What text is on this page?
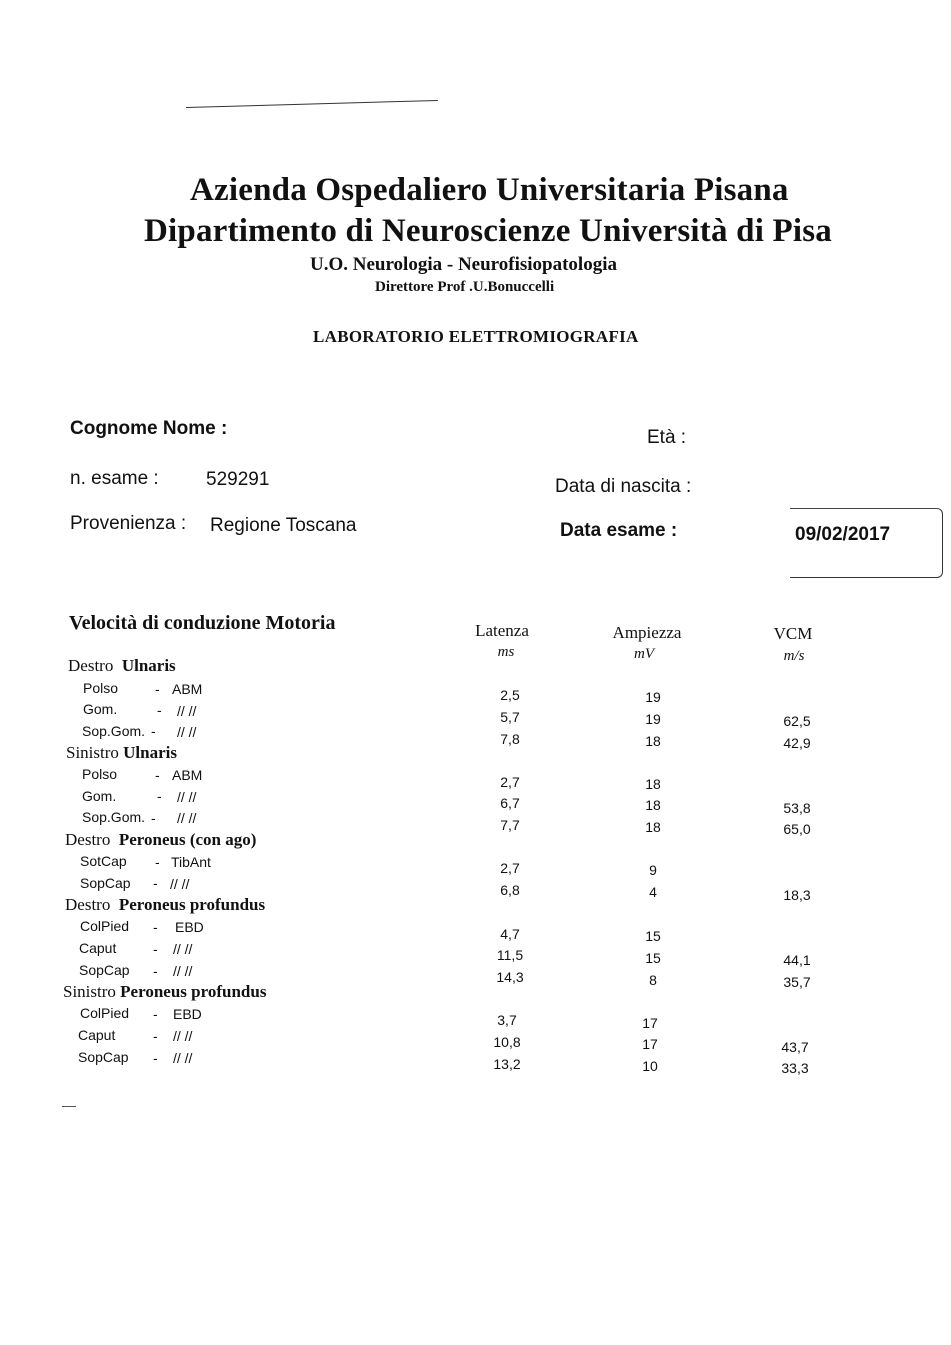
Azienda Ospedaliero Universitaria Pisana
Dipartimento di Neuroscienze Università di Pisa
U.O. Neurologia - Neurofisiopatologia
Direttore Prof .U.Bonuccelli
LABORATORIO ELETTROMIOGRAFIA
Cognome Nome :	Età :
n. esame : 529291	Data di nascita :
Provenienza : Regione Toscana	Data esame :	09/02/2017
Velocità di conduzione Motoria	Latenza
ms
Ampiezza
mV
VCM
m/s
Destro Ulnaris
Polso	- ABM	2,5	19
Gom.	- // //	5,7	19	62,5
Sop.Gom. - // //	7,8	18	42,9
Sinistro Ulnaris
Polso	- ABM	2,7	18
Gom.	- // //	6,7	18	53,8
Sop.Gom. - // //	7,7	18	65,0
Destro Peroneus (con ago)
SotCap - TibAnt	2,7	9
SopCap - // //	6,8	4	18,3
Destro Peroneus profundus
ColPied - EBD	4,7	15
Caput	- // //	11,5	15	44,1
SopCap - // //	14,3	8	35,7
Sinistro Peroneus profundus
ColPied - EBD	3,7	17
Caput	- // //	10,8	17	43,7
SopCap - // //	13,2	10	33,3
